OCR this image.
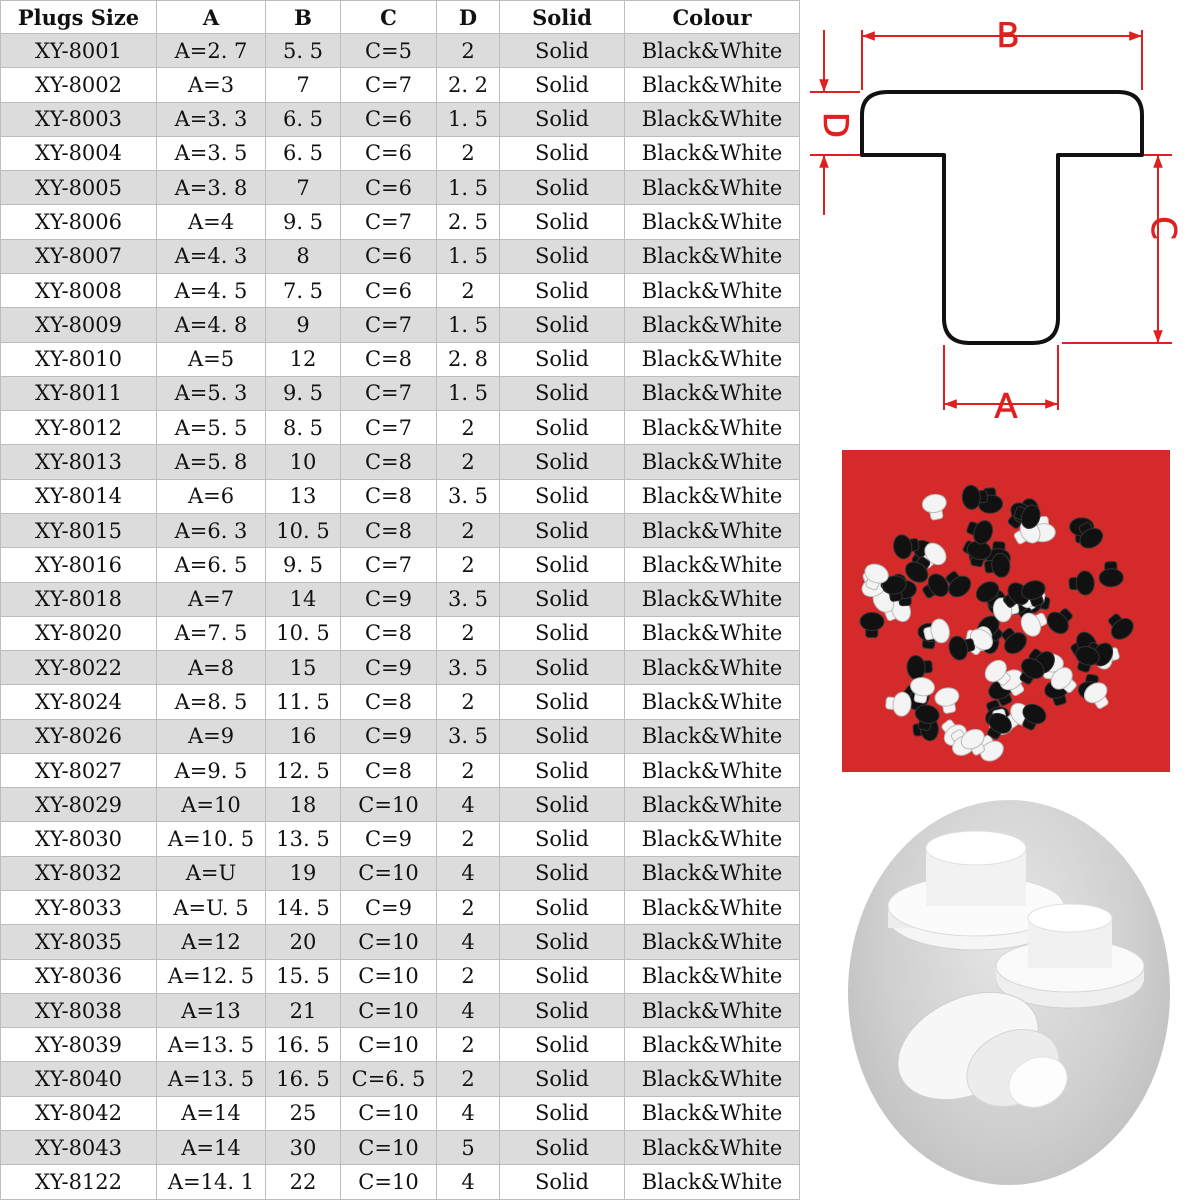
Plugs Size	A	B	C	D	Solid	Colour
XY-8001	A=2. 7	5. 5	C=5	2	Solid	Black&White
XY-8002	A=3	7	C=7	2. 2	Solid	Black&White
XY-8003	A=3. 3	6. 5	C=6	1. 5	Solid	Black&White
XY-8004	A=3. 5	6. 5	C=6	2	Solid	Black&White
XY-8005	A=3. 8	7	C=6	1. 5	Solid	Black&White
XY-8006	A=4	9. 5	C=7	2. 5	Solid	Black&White
XY-8007	A=4. 3	8	C=6	1. 5	Solid	Black&White
XY-8008	A=4. 5	7. 5	C=6	2	Solid	Black&White
XY-8009	A=4. 8	9	C=7	1. 5	Solid	Black&White
XY-8010	A=5	12	C=8	2. 8	Solid	Black&White
XY-8011	A=5. 3	9. 5	C=7	1. 5	Solid	Black&White
XY-8012	A=5. 5	8. 5	C=7	2	Solid	Black&White
XY-8013	A=5. 8	10	C=8	2	Solid	Black&White
XY-8014	A=6	13	C=8	3. 5	Solid	Black&White
XY-8015	A=6. 3	10. 5	C=8	2	Solid	Black&White
XY-8016	A=6. 5	9. 5	C=7	2	Solid	Black&White
XY-8018	A=7	14	C=9	3. 5	Solid	Black&White
XY-8020	A=7. 5	10. 5	C=8	2	Solid	Black&White
XY-8022	A=8	15	C=9	3. 5	Solid	Black&White
XY-8024	A=8. 5	11. 5	C=8	2	Solid	Black&White
XY-8026	A=9	16	C=9	3. 5	Solid	Black&White
XY-8027	A=9. 5	12. 5	C=8	2	Solid	Black&White
XY-8029	A=10	18	C=10	4	Solid	Black&White
XY-8030	A=10. 5	13. 5	C=9	2	Solid	Black&White
XY-8032	A=U	19	C=10	4	Solid	Black&White
XY-8033	A=U. 5	14. 5	C=9	2	Solid	Black&White
XY-8035	A=12	20	C=10	4	Solid	Black&White
XY-8036	A=12. 5	15. 5	C=10	2	Solid	Black&White
XY-8038	A=13	21	C=10	4	Solid	Black&White
XY-8039	A=13. 5	16. 5	C=10	2	Solid	Black&White
XY-8040	A=13. 5	16. 5	C=6. 5	2	Solid	Black&White
XY-8042	A=14	25	C=10	4	Solid	Black&White
XY-8043	A=14	30	C=10	5	Solid	Black&White
XY-8122	A=14. 1	22	C=10	4	Solid	Black&White
B
A
D
C
